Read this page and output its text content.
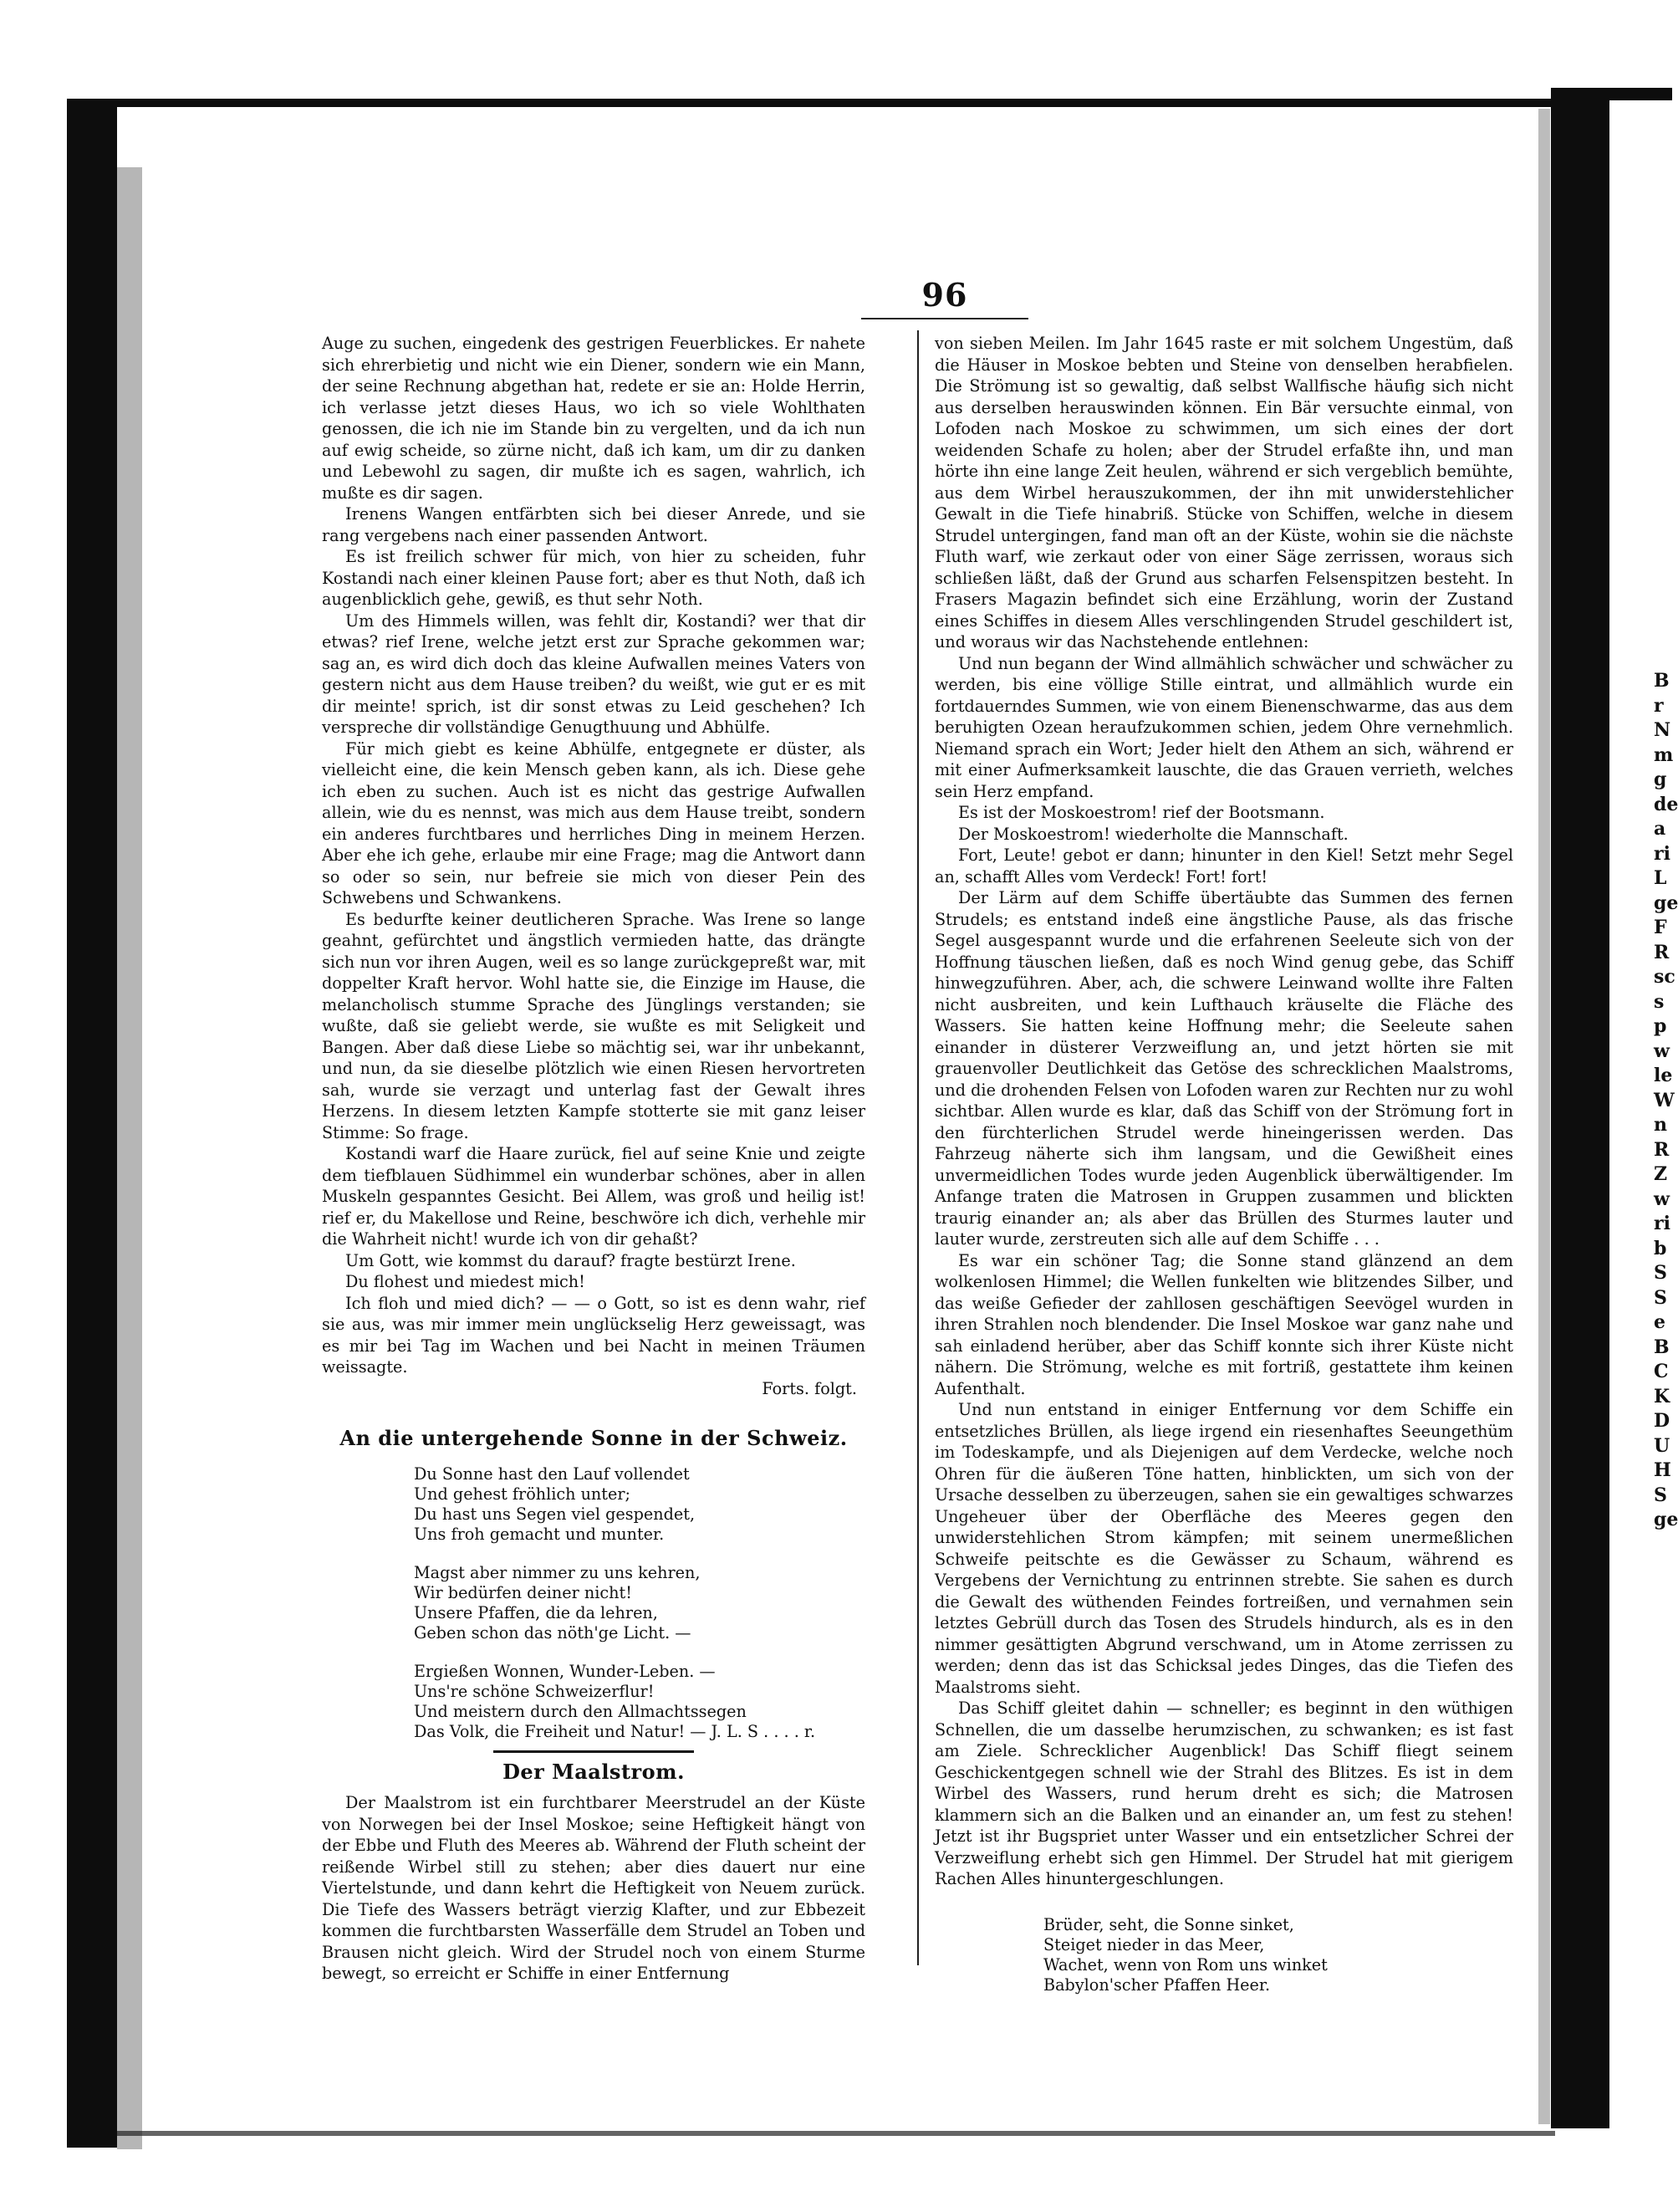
96

Auge zu suchen, eingedenk des gestrigen Feuerblickes. Er nahete sich ehrerbietig und nicht wie ein Diener, sondern wie ein Mann, der seine Rechnung abgethan hat, redete er sie an: Holde Herrin, ich verlasse jetzt dieses Haus, wo ich so viele Wohlthaten genossen, die ich nie im Stande bin zu vergelten, und da ich nun auf ewig scheide, so zürne nicht, daß ich kam, um dir zu danken und Lebewohl zu sagen, dir mußte ich es sagen, wahrlich, ich mußte es dir sagen.

Irenens Wangen entfärbten sich bei dieser Anrede, und sie rang vergebens nach einer passenden Antwort.

Es ist freilich schwer für mich, von hier zu scheiden, fuhr Kostandi nach einer kleinen Pause fort; aber es thut Noth, daß ich augenblicklich gehe, gewiß, es thut sehr Noth.

Um des Himmels willen, was fehlt dir, Kostandi? wer that dir etwas? rief Irene, welche jetzt erst zur Sprache gekommen war; sag an, es wird dich doch das kleine Aufwallen meines Vaters von gestern nicht aus dem Hause treiben? du weißt, wie gut er es mit dir meinte! sprich, ist dir sonst etwas zu Leid geschehen? Ich verspreche dir vollständige Genugthuung und Abhülfe.

Für mich giebt es keine Abhülfe, entgegnete er düster, als vielleicht eine, die kein Mensch geben kann, als ich. Diese gehe ich eben zu suchen. Auch ist es nicht das gestrige Aufwallen allein, wie du es nennst, was mich aus dem Hause treibt, sondern ein anderes furchtbares und herrliches Ding in meinem Herzen. Aber ehe ich gehe, erlaube mir eine Frage; mag die Antwort dann so oder so sein, nur befreie sie mich von dieser Pein des Schwebens und Schwankens.

Es bedurfte keiner deutlicheren Sprache. Was Irene so lange geahnt, gefürchtet und ängstlich vermieden hatte, das drängte sich nun vor ihren Augen, weil es so lange zurückgepreßt war, mit doppelter Kraft hervor. Wohl hatte sie, die Einzige im Hause, die melancholisch stumme Sprache des Jünglings verstanden; sie wußte, daß sie geliebt werde, sie wußte es mit Seligkeit und Bangen. Aber daß diese Liebe so mächtig sei, war ihr unbekannt, und nun, da sie dieselbe plötzlich wie einen Riesen hervortreten sah, wurde sie verzagt und unterlag fast der Gewalt ihres Herzens. In diesem letzten Kampfe stotterte sie mit ganz leiser Stimme: So frage.

Kostandi warf die Haare zurück, fiel auf seine Knie und zeigte dem tiefblauen Südhimmel ein wunderbar schönes, aber in allen Muskeln gespanntes Gesicht. Bei Allem, was groß und heilig ist! rief er, du Makellose und Reine, beschwöre ich dich, verhehle mir die Wahrheit nicht! wurde ich von dir gehaßt?

Um Gott, wie kommst du darauf? fragte bestürzt Irene.

Du flohest und miedest mich!

Ich floh und mied dich? — — o Gott, so ist es denn wahr, rief sie aus, was mir immer mein unglückselig Herz geweissagt, was es mir bei Tag im Wachen und bei Nacht in meinen Träumen weissagte.

Forts. folgt.

An die untergehende Sonne in der Schweiz.
Du Sonne hast den Lauf vollendet
Und gehest fröhlich unter;
Du hast uns Segen viel gespendet,
Uns froh gemacht und munter.
Magst aber nimmer zu uns kehren,
Wir bedürfen deiner nicht!
Unsere Pfaffen, die da lehren,
Geben schon das nöth'ge Licht. —
Ergießen Wonnen, Wunder-Leben. —
Uns're schöne Schweizerflur!
Und meistern durch den Allmachtssegen
Das Volk, die Freiheit und Natur! — J. L. S . . . . r.
Der Maalstrom.

Der Maalstrom ist ein furchtbarer Meerstrudel an der Küste von Norwegen bei der Insel Moskoe; seine Heftigkeit hängt von der Ebbe und Fluth des Meeres ab. Während der Fluth scheint der reißende Wirbel still zu stehen; aber dies dauert nur eine Viertelstunde, und dann kehrt die Heftigkeit von Neuem zurück. Die Tiefe des Wassers beträgt vierzig Klafter, und zur Ebbezeit kommen die furchtbarsten Wasserfälle dem Strudel an Toben und Brausen nicht gleich. Wird der Strudel noch von einem Sturme bewegt, so erreicht er Schiffe in einer Entfernung

von sieben Meilen. Im Jahr 1645 raste er mit solchem Ungestüm, daß die Häuser in Moskoe bebten und Steine von denselben herabfielen. Die Strömung ist so gewaltig, daß selbst Wallfische häufig sich nicht aus derselben herauswinden können. Ein Bär versuchte einmal, von Lofoden nach Moskoe zu schwimmen, um sich eines der dort weidenden Schafe zu holen; aber der Strudel erfaßte ihn, und man hörte ihn eine lange Zeit heulen, während er sich vergeblich bemühte, aus dem Wirbel herauszukommen, der ihn mit unwiderstehlicher Gewalt in die Tiefe hinabriß. Stücke von Schiffen, welche in diesem Strudel untergingen, fand man oft an der Küste, wohin sie die nächste Fluth warf, wie zerkaut oder von einer Säge zerrissen, woraus sich schließen läßt, daß der Grund aus scharfen Felsenspitzen besteht. In Frasers Magazin befindet sich eine Erzählung, worin der Zustand eines Schiffes in diesem Alles verschlingenden Strudel geschildert ist, und woraus wir das Nachstehende entlehnen:

Und nun begann der Wind allmählich schwächer und schwächer zu werden, bis eine völlige Stille eintrat, und allmählich wurde ein fortdauerndes Summen, wie von einem Bienenschwarme, das aus dem beruhigten Ozean heraufzukommen schien, jedem Ohre vernehmlich. Niemand sprach ein Wort; Jeder hielt den Athem an sich, während er mit einer Aufmerksamkeit lauschte, die das Grauen verrieth, welches sein Herz empfand.

Es ist der Moskoestrom! rief der Bootsmann.

Der Moskoestrom! wiederholte die Mannschaft.

Fort, Leute! gebot er dann; hinunter in den Kiel! Setzt mehr Segel an, schafft Alles vom Verdeck! Fort! fort!

Der Lärm auf dem Schiffe übertäubte das Summen des fernen Strudels; es entstand indeß eine ängstliche Pause, als das frische Segel ausgespannt wurde und die erfahrenen Seeleute sich von der Hoffnung täuschen ließen, daß es noch Wind genug gebe, das Schiff hinwegzuführen. Aber, ach, die schwere Leinwand wollte ihre Falten nicht ausbreiten, und kein Lufthauch kräuselte die Fläche des Wassers. Sie hatten keine Hoffnung mehr; die Seeleute sahen einander in düsterer Verzweiflung an, und jetzt hörten sie mit grauenvoller Deutlichkeit das Getöse des schrecklichen Maalstroms, und die drohenden Felsen von Lofoden waren zur Rechten nur zu wohl sichtbar. Allen wurde es klar, daß das Schiff von der Strömung fort in den fürchterlichen Strudel werde hineingerissen werden. Das Fahrzeug näherte sich ihm langsam, und die Gewißheit eines unvermeidlichen Todes wurde jeden Augenblick überwältigender. Im Anfange traten die Matrosen in Gruppen zusammen und blickten traurig einander an; als aber das Brüllen des Sturmes lauter und lauter wurde, zerstreuten sich alle auf dem Schiffe . . .

Es war ein schöner Tag; die Sonne stand glänzend an dem wolkenlosen Himmel; die Wellen funkelten wie blitzendes Silber, und das weiße Gefieder der zahllosen geschäftigen Seevögel wurden in ihren Strahlen noch blendender. Die Insel Moskoe war ganz nahe und sah einladend herüber, aber das Schiff konnte sich ihrer Küste nicht nähern. Die Strömung, welche es mit fortriß, gestattete ihm keinen Aufenthalt.

Und nun entstand in einiger Entfernung vor dem Schiffe ein entsetzliches Brüllen, als liege irgend ein riesenhaftes Seeungethüm im Todeskampfe, und als Diejenigen auf dem Verdecke, welche noch Ohren für die äußeren Töne hatten, hinblickten, um sich von der Ursache desselben zu überzeugen, sahen sie ein gewaltiges schwarzes Ungeheuer über der Oberfläche des Meeres gegen den unwiderstehlichen Strom kämpfen; mit seinem unermeßlichen Schweife peitschte es die Gewässer zu Schaum, während es Vergebens der Vernichtung zu entrinnen strebte. Sie sahen es durch die Gewalt des wüthenden Feindes fortreißen, und vernahmen sein letztes Gebrüll durch das Tosen des Strudels hindurch, als es in den nimmer gesättigten Abgrund verschwand, um in Atome zerrissen zu werden; denn das ist das Schicksal jedes Dinges, das die Tiefen des Maalstroms sieht.

Das Schiff gleitet dahin — schneller; es beginnt in den wüthigen Schnellen, die um dasselbe herumzischen, zu schwanken; es ist fast am Ziele. Schrecklicher Augenblick! Das Schiff fliegt seinem Geschickentgegen schnell wie der Strahl des Blitzes. Es ist in dem Wirbel des Wassers, rund herum dreht es sich; die Matrosen klammern sich an die Balken und an einander an, um fest zu stehen! Jetzt ist ihr Bugspriet unter Wasser und ein entsetzlicher Schrei der Verzweiflung erhebt sich gen Himmel. Der Strudel hat mit gierigem Rachen Alles hinuntergeschlungen.

Brüder, seht, die Sonne sinket,
Steiget nieder in das Meer,
Wachet, wenn von Rom uns winket
Babylon'scher Pfaffen Heer.
B
r
N
m
g
de
a
ri
L
ge
F
R
sc
s
p
w
le
W
n
R
Z
w
ri
b
S
S
e
B
C
K
D
U
H
S
ge
